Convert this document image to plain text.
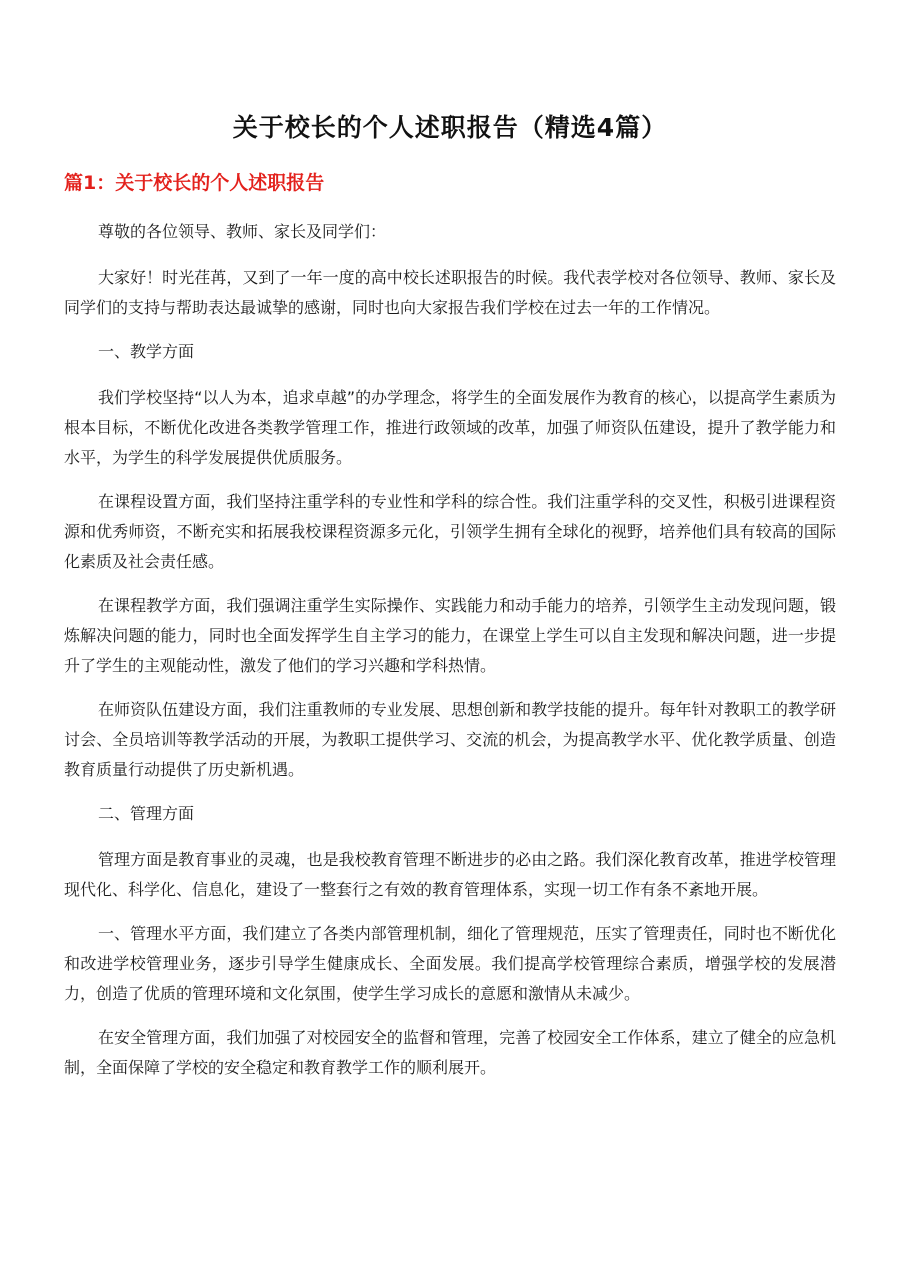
关于校长的个人述职报告（精选4篇）
篇1：关于校长的个人述职报告

尊敬的各位领导、教师、家长及同学们：

大家好！时光荏苒，又到了一年一度的高中校长述职报告的时候。我代表学校对各位领导、教师、家长及同学们的支持与帮助表达最诚挚的感谢，同时也向大家报告我们学校在过去一年的工作情况。

一、教学方面

我们学校坚持“以人为本，追求卓越”的办学理念，将学生的全面发展作为教育的核心，以提高学生素质为根本目标，不断优化改进各类教学管理工作，推进行政领域的改革，加强了师资队伍建设，提升了教学能力和水平，为学生的科学发展提供优质服务。

在课程设置方面，我们坚持注重学科的专业性和学科的综合性。我们注重学科的交叉性，积极引进课程资源和优秀师资，不断充实和拓展我校课程资源多元化，引领学生拥有全球化的视野，培养他们具有较高的国际化素质及社会责任感。

在课程教学方面，我们强调注重学生实际操作、实践能力和动手能力的培养，引领学生主动发现问题，锻炼解决问题的能力，同时也全面发挥学生自主学习的能力，在课堂上学生可以自主发现和解决问题，进一步提升了学生的主观能动性，激发了他们的学习兴趣和学科热情。

在师资队伍建设方面，我们注重教师的专业发展、思想创新和教学技能的提升。每年针对教职工的教学研讨会、全员培训等教学活动的开展，为教职工提供学习、交流的机会，为提高教学水平、优化教学质量、创造教育质量行动提供了历史新机遇。

二、管理方面

管理方面是教育事业的灵魂，也是我校教育管理不断进步的必由之路。我们深化教育改革，推进学校管理现代化、科学化、信息化，建设了一整套行之有效的教育管理体系，实现一切工作有条不紊地开展。

一、管理水平方面，我们建立了各类内部管理机制，细化了管理规范，压实了管理责任，同时也不断优化和改进学校管理业务，逐步引导学生健康成长、全面发展。我们提高学校管理综合素质，增强学校的发展潜力，创造了优质的管理环境和文化氛围，使学生学习成长的意愿和激情从未减少。

在安全管理方面，我们加强了对校园安全的监督和管理，完善了校园安全工作体系，建立了健全的应急机制，全面保障了学校的安全稳定和教育教学工作的顺利展开。
